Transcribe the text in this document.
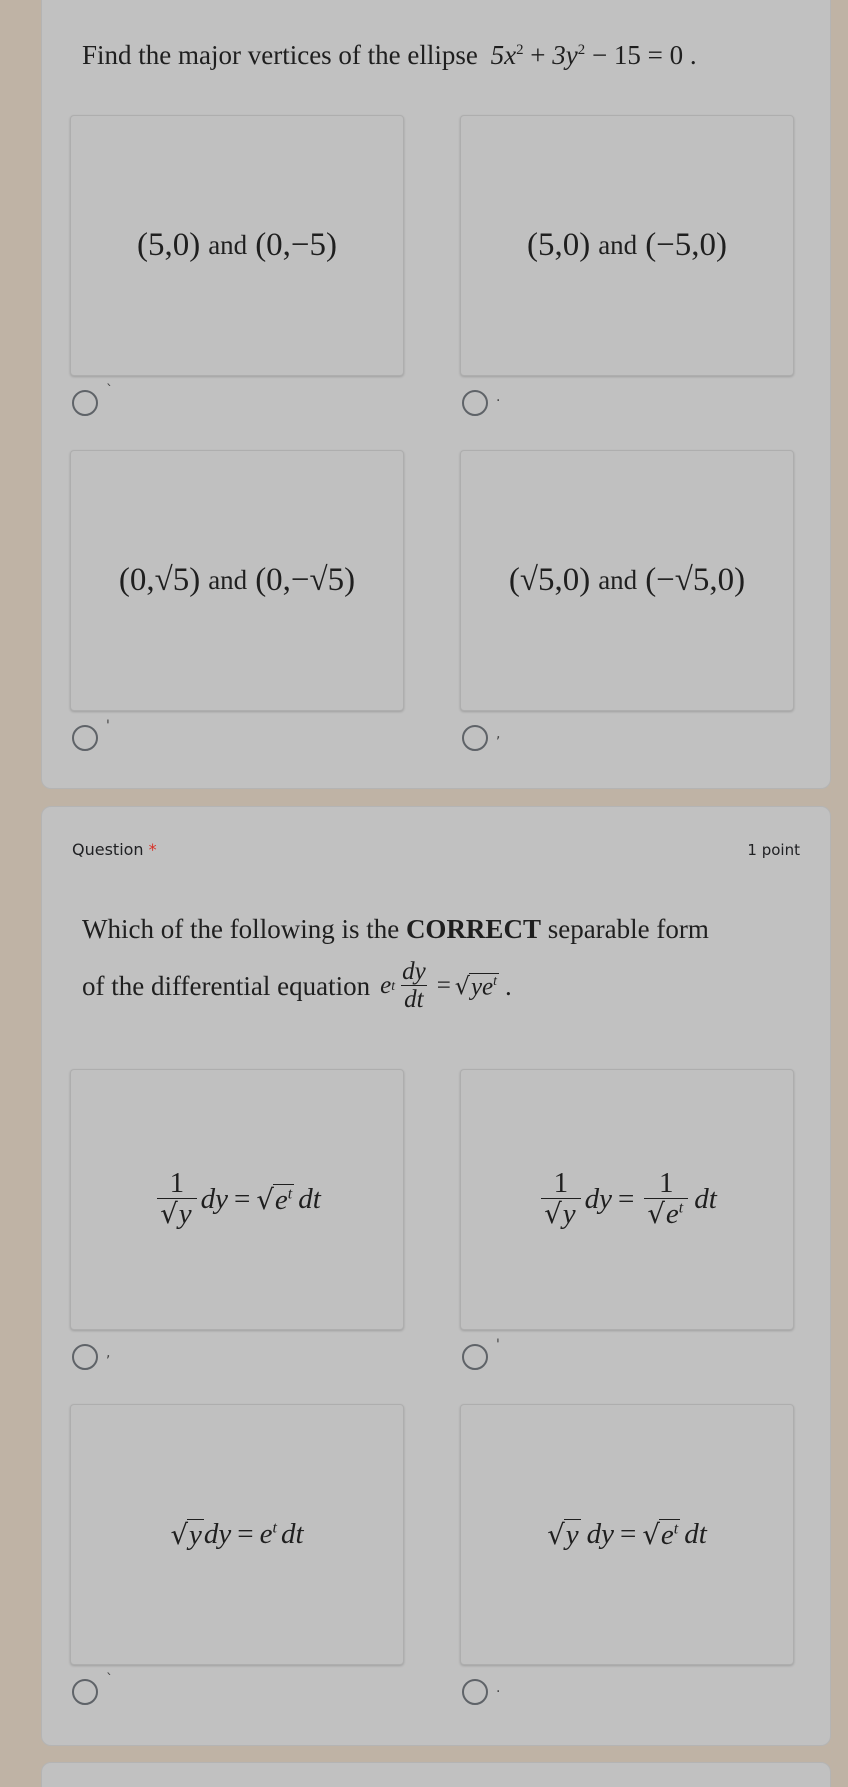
Find the major vertices of the ellipse $5x^2 + 3y^2 - 15 = 0$ .
(5,0) and (0,−5)
`
(5,0) and (−5,0)
.
(0,√5) and (0,−√5)
'
(√5,0) and (−√5,0)
,
Question *	1 point
Which of the following is the CORRECT separable form
of the differential equation e t $\frac{dy}{dt}$ = √ $ye^t$ .
$\frac{1}{√ y}$ dy = √ $e^t$ dt
,
$\frac{1}{√ y}$ dy = $\frac{1}{√ e^t}$ dt
'
√ y dy = $e^t$ dt
`
√ y dy = √ $e^t$ dt
.
